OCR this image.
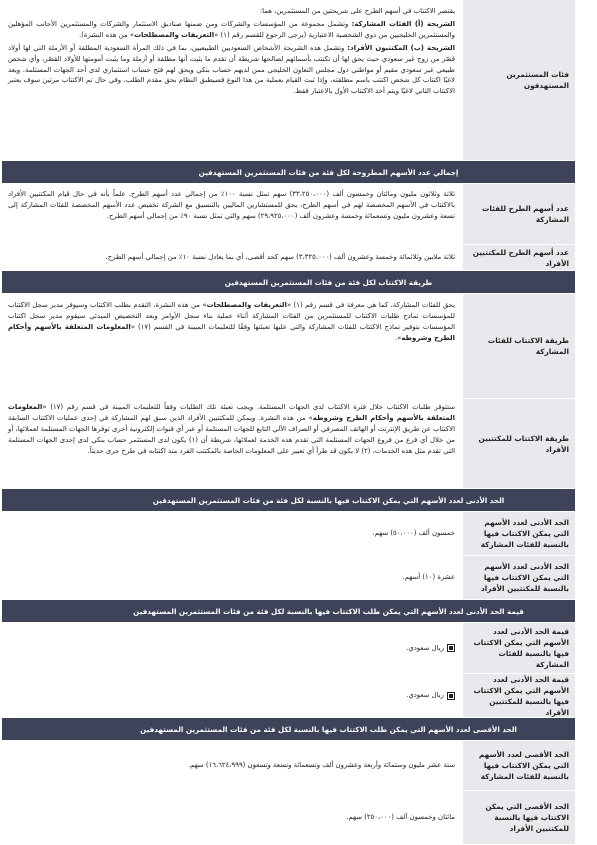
فئات المستثمرين المستهدفون

يقتصر الاكتتاب في أسهم الطرح على شريحتين من المستثمرين، هما:

الشريحة (أ) الفئات المشاركة: وتشمل مجموعة من المؤسسات والشركات ومن ضمنها صناديق الاستثمار والشركات والمستثمرين الأجانب المؤهلين والمستثمرين الخليجيين من ذوي الشخصية الاعتبارية (يرجى الرجوع للقسم رقم (١) «التعريفات والمصطلحات» من هذه النشرة).

الشريحة (ب) المكتتبون الأفراد: وتشمل هذه الشريحة الأشخاص السعوديين الطبيعيين، بما في ذلك المرأة السعودية المطلقة أو الأرملة التي لها أولاد قصّر من زوج غير سعودي حيث يحق لها أن تكتتب بأسمائهم لصالحها شريطة أن تقدم ما يثبت أنها مطلقة أو أرملة وما يثبت أمومتها للأولاد القصّر، وأي شخص طبيعي غير سعودي مقيم أو مواطني دول مجلس التعاون الخليجي ممن لديهم حساب بنكي ويحق لهم فتح حساب استثماري لدى أحد الجهات المستلمة. ويعد لاغيًا اكتتاب كل شخص اكتتب باسم مطلقته، وإذا ثبت القيام بعملية من هذا النوع فسيطبق النظام بحق مقدم الطلب. وفي حال تم الاكتتاب مرتين سوف يعتبر الاكتتاب الثاني لاغيًا ويتم أخذ الاكتتاب الأول بالاعتبار فقط.

إجمالي عدد الأسهم المطروحة لكل فئة من فئات المستثمرين المستهدفين
عدد أسهم الطرح للفئات المشاركة
ثلاثة وثلاثون مليون ومائتان وخمسون ألف (٣٣،٢٥٠،٠٠٠) سهم تمثل نسبة ١٠٠٪ من إجمالي عدد أسهم الطرح. علماً بأنه في حال قيام المكتتبين الأفراد بالاكتتاب في الأسهم المخصصة لهم في أسهم الطرح، يحق للمستشارين الماليين بالتنسيق مع الشركة تخفيض عدد الأسهم المخصصة للفئات المشاركة إلى تسعة وعشرون مليون وتسعمائة وخمسة وعشرون ألف (٢٩،٩٢٥،٠٠٠) سهم والتي تمثل نسبة ٩٠٪ من إجمالي أسهم الطرح.
عدد أسهم الطرح للمكتتبين الأفراد
ثلاثة ملايين وثلاثمائة وخمسة وعشرون ألف (٣،٣٢٥،٠٠٠) سهم كحد أقصى، أي بما يعادل نسبة ١٠٪ من إجمالي أسهم الطرح.
طريقة الاكتتاب لكل فئة من فئات المستثمرين المستهدفين
طريقة الاكتتاب للفئات المشاركة
يحق للفئات المشاركة، كما هي معرفة في قسم رقم (١) «التعريفات والمصطلحات» من هذه النشرة، التقدم بطلب الاكتتاب وسيوفر مدير سجل الاكتتاب للمؤسسات نماذج طلبات الاكتتاب للمستثمرين من الفئات المشاركة أثناء عملية بناء سجل الأوامر وبعد التخصيص المبدئي سيقوم مدير سجل اكتتاب المؤسسات بتوفير نماذج الاكتتاب للفئات المشاركة والتي عليها تعبئتها وفقًا للتعليمات المبينة في القسم (١٧) «المعلومات المتعلقة بالأسهم وأحكام الطرح وشروطه».
طريقة الاكتتاب للمكتتبين الأفراد
ستتوفر طلبات الاكتتاب خلال فترة الاكتتاب لدى الجهات المستلمة. ويجب تعبئة تلك الطلبات وفقاً للتعليمات المبينة في قسم رقم (١٧) «المعلومات المتعلقة بالأسهم وأحكام الطرح وشروطه» من هذه النشرة. ويمكن للمكتتبين الأفراد الذين سبق لهم المشاركة في إحدى عمليات الاكتتاب السابقة الاكتتاب عن طريق الإنترنت أو الهاتف المصرفي أو الصراف الآلي التابع للجهات المستلمة أو عبر أي قنوات إلكترونية أخرى توفرها الجهات المستلمة لعملائها، أو من خلال أي فرع من فروع الجهات المستلمة التي تقدم هذه الخدمة لعملائها، شريطة أن (١) يكون لدى المستثمر حساب بنكي لدى إحدى الجهات المستلمة التي تقدم مثل هذه الخدمات، (٢) لا يكون قد طرأ أي تغيير على المعلومات الخاصة بالمكتتب الفرد منذ اكتتابه في طرح جرى حديثاً.
الحد الأدنى لعدد الأسهم التي يمكن الاكتتاب فيها بالنسبة لكل فئة من فئات المستثمرين المستهدفين
الحد الأدنى لعدد الأسهم التي يمكن الاكتتاب فيها بالنسبة للفئات المشاركة
خمسون ألف (٥٠،٠٠٠) سهم.
الحد الأدنى لعدد الأسهم التي يمكن الاكتتاب فيها بالنسبة للمكتتبين الأفراد
عشرة (١٠) أسهم.
قيمة الحد الأدنى لعدد الأسهم التي يمكن طلب الاكتتاب فيها بالنسبة لكل فئة من فئات المستثمرين المستهدفين
قيمة الحد الأدنى لعدد الأسهم التي يمكن الاكتتاب فيها بالنسبة للفئات المشاركة
ريال سعودي.
قيمة الحد الأدنى لعدد الأسهم التي يمكن الاكتتاب فيها بالنسبة للمكتتبين الأفراد
ريال سعودي.
الحد الأقصى لعدد الأسهم التي يمكن طلب الاكتتاب فيها بالنسبة لكل فئة من فئات المستثمرين المستهدفين
الحد الأقصى لعدد الأسهم التي يمكن الاكتتاب فيها بالنسبة للفئات المشاركة
ستة عشر مليون وستمائة وأربعة وعشرون ألف وتسعمائة وتسعة وتسعون (١٦،٦٢٤،٩٩٩) سهم.
الحد الأقصى التي يمكن الاكتتاب فيها بالنسبة للمكتتبين الأفراد
مائتان وخمسون ألف (٢٥٠،٠٠٠) سهم.
